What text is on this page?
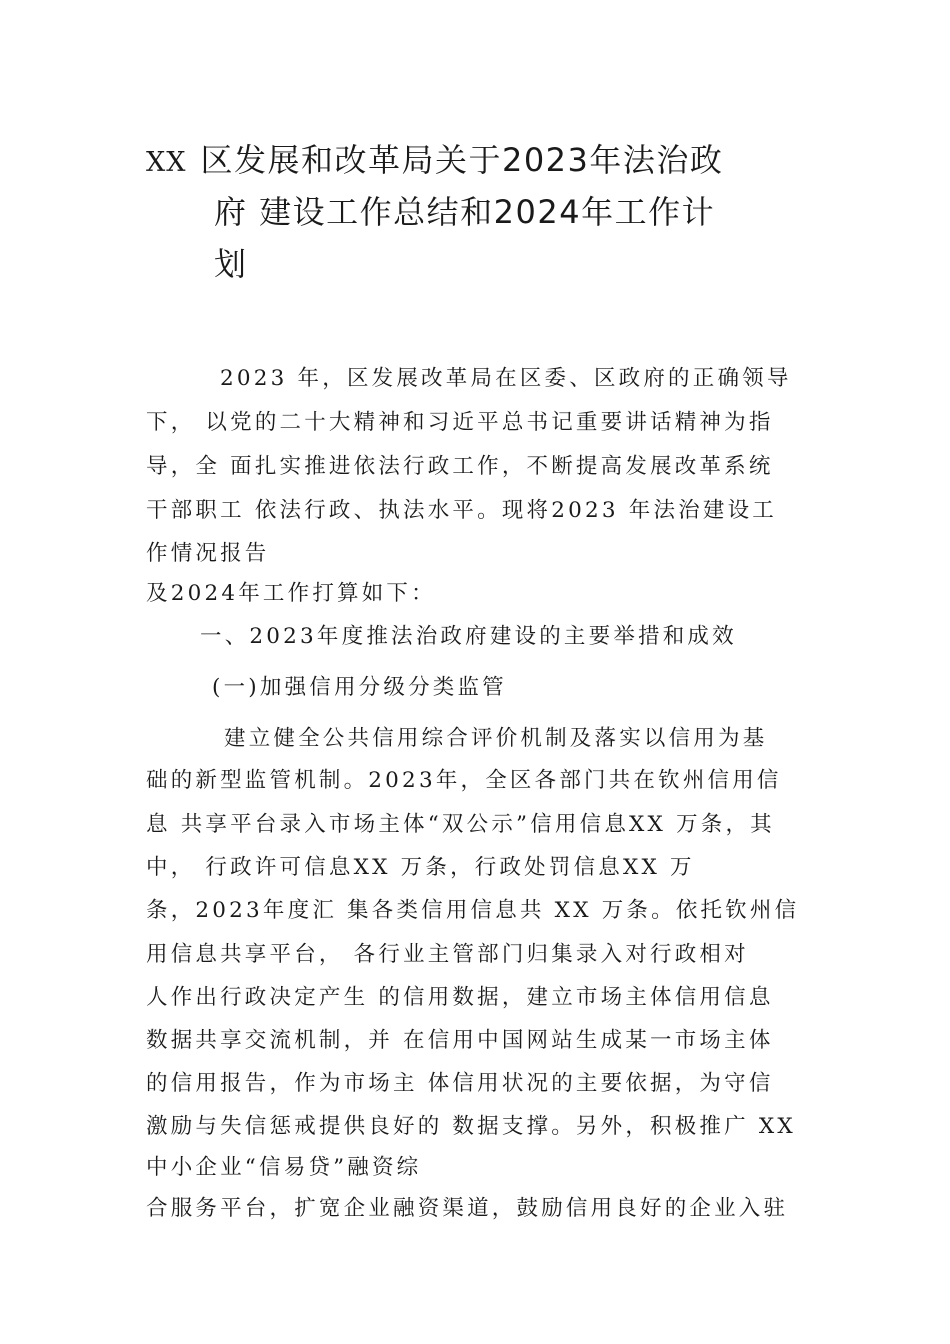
XX 区发展和改革局关于2023年法治政
府 建设工作总结和2024年工作计
划
2023 年，区发展改革局在区委、区政府的正确领导
下， 以党的二十大精神和习近平总书记重要讲话精神为指
导，全 面扎实推进依法行政工作，不断提高发展改革系统
干部职工 依法行政、执法水平。现将2023 年法治建设工
作情况报告
及2024年工作打算如下：
一、2023年度推法治政府建设的主要举措和成效
(一)加强信用分级分类监管
建立健全公共信用综合评价机制及落实以信用为基
础的新型监管机制。2023年，全区各部门共在钦州信用信
息 共享平台录入市场主体“双公示”信用信息XX 万条，其
中， 行政许可信息XX 万条，行政处罚信息XX 万
条，2023年度汇 集各类信用信息共 XX 万条。依托钦州信
用信息共享平台， 各行业主管部门归集录入对行政相对
人作出行政决定产生 的信用数据，建立市场主体信用信息
数据共享交流机制，并 在信用中国网站生成某一市场主体
的信用报告，作为市场主 体信用状况的主要依据，为守信
激励与失信惩戒提供良好的 数据支撑。另外，积极推广 XX
中小企业“信易贷”融资综
合服务平台，扩宽企业融资渠道，鼓励信用良好的企业入驻
